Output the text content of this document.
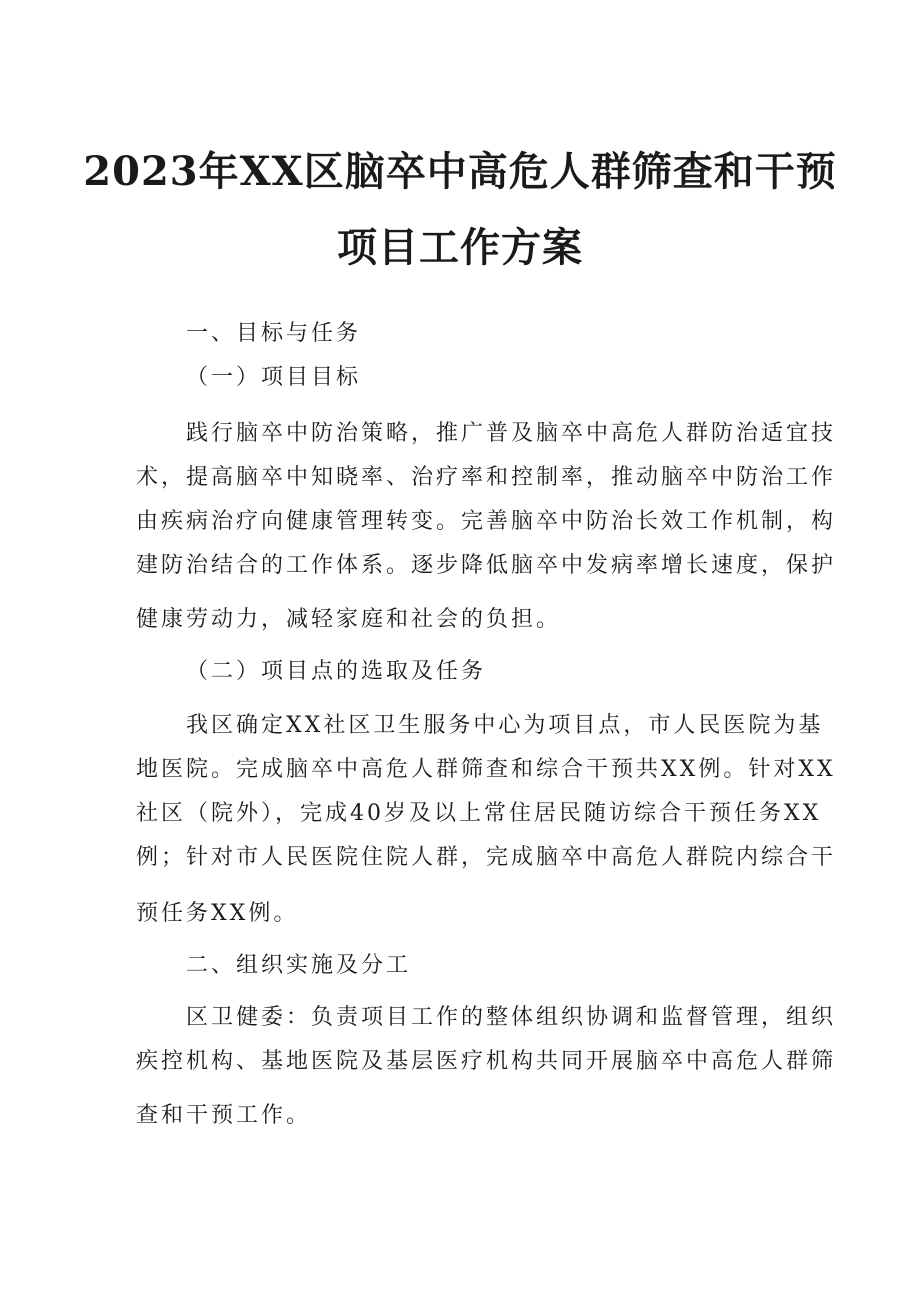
2023年XX区脑卒中高危人群筛查和干预
项目工作方案
一、目标与任务
（一）项目目标
践行脑卒中防治策略，推广普及脑卒中高危人群防治适宜技
术，提高脑卒中知晓率、治疗率和控制率，推动脑卒中防治工作
由疾病治疗向健康管理转变。完善脑卒中防治长效工作机制，构
建防治结合的工作体系。逐步降低脑卒中发病率增长速度，保护
健康劳动力，减轻家庭和社会的负担。
（二）项目点的选取及任务
我区确定XX社区卫生服务中心为项目点，市人民医院为基
地医院。完成脑卒中高危人群筛查和综合干预共XX例。针对XX
社区（院外），完成40岁及以上常住居民随访综合干预任务XX
例；针对市人民医院住院人群，完成脑卒中高危人群院内综合干
预任务XX例。
二、组织实施及分工
区卫健委：负责项目工作的整体组织协调和监督管理，组织
疾控机构、基地医院及基层医疗机构共同开展脑卒中高危人群筛
查和干预工作。
